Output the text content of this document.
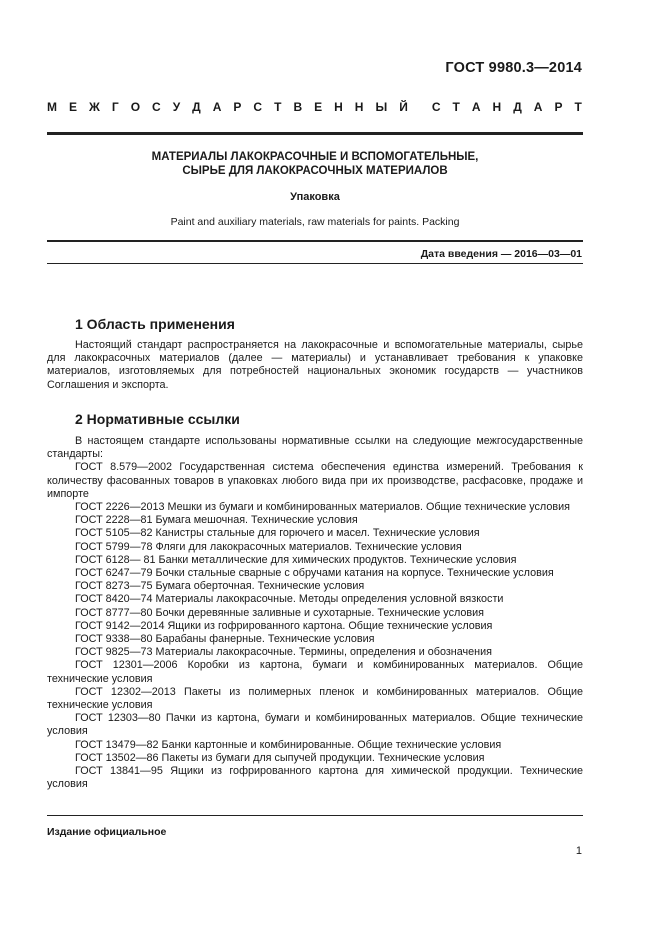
ГОСТ 9980.3—2014
М Е Ж Г О С У Д А Р С Т В Е Н Н Ы Й С Т А Н Д А Р Т
МАТЕРИАЛЫ ЛАКОКРАСОЧНЫЕ И ВСПОМОГАТЕЛЬНЫЕ,
СЫРЬЕ ДЛЯ ЛАКОКРАСОЧНЫХ МАТЕРИАЛОВ
Упаковка
Paint and auxiliary materials, raw materials for paints. Packing
Дата введения — 2016—03—01
1 Область применения

Настоящий стандарт распространяется на лакокрасочные и вспомогательные материалы, сырье для лакокрасочных материалов (далее — материалы) и устанавливает требования к упаковке материалов, изготовляемых для потребностей национальных экономик государств — участников Соглашения и экспорта.

2 Нормативные ссылки

В настоящем стандарте использованы нормативные ссылки на следующие межгосударственные стандарты:

ГОСТ 8.579—2002 Государственная система обеспечения единства измерений. Требования к количеству фасованных товаров в упаковках любого вида при их производстве, расфасовке, продаже и импорте

ГОСТ 2226—2013 Мешки из бумаги и комбинированных материалов. Общие технические условия

ГОСТ 2228—81 Бумага мешочная. Технические условия

ГОСТ 5105—82 Канистры стальные для горючего и масел. Технические условия

ГОСТ 5799—78 Фляги для лакокрасочных материалов. Технические условия

ГОСТ 6128— 81 Банки металлические для химических продуктов. Технические условия

ГОСТ 6247—79 Бочки стальные сварные с обручами катания на корпусе. Технические условия

ГОСТ 8273—75 Бумага оберточная. Технические условия

ГОСТ 8420—74 Материалы лакокрасочные. Методы определения условной вязкости

ГОСТ 8777—80 Бочки деревянные заливные и сухотарные. Технические условия

ГОСТ 9142—2014 Ящики из гофрированного картона. Общие технические условия

ГОСТ 9338—80 Барабаны фанерные. Технические условия

ГОСТ 9825—73 Материалы лакокрасочные. Термины, определения и обозначения

ГОСТ 12301—2006 Коробки из картона, бумаги и комбинированных материалов. Общие технические условия

ГОСТ 12302—2013 Пакеты из полимерных пленок и комбинированных материалов. Общие технические условия

ГОСТ 12303—80 Пачки из картона, бумаги и комбинированных материалов. Общие технические условия

ГОСТ 13479—82 Банки картонные и комбинированные. Общие технические условия

ГОСТ 13502—86 Пакеты из бумаги для сыпучей продукции. Технические условия

ГОСТ 13841—95 Ящики из гофрированного картона для химической продукции. Технические условия

Издание официальное
1
